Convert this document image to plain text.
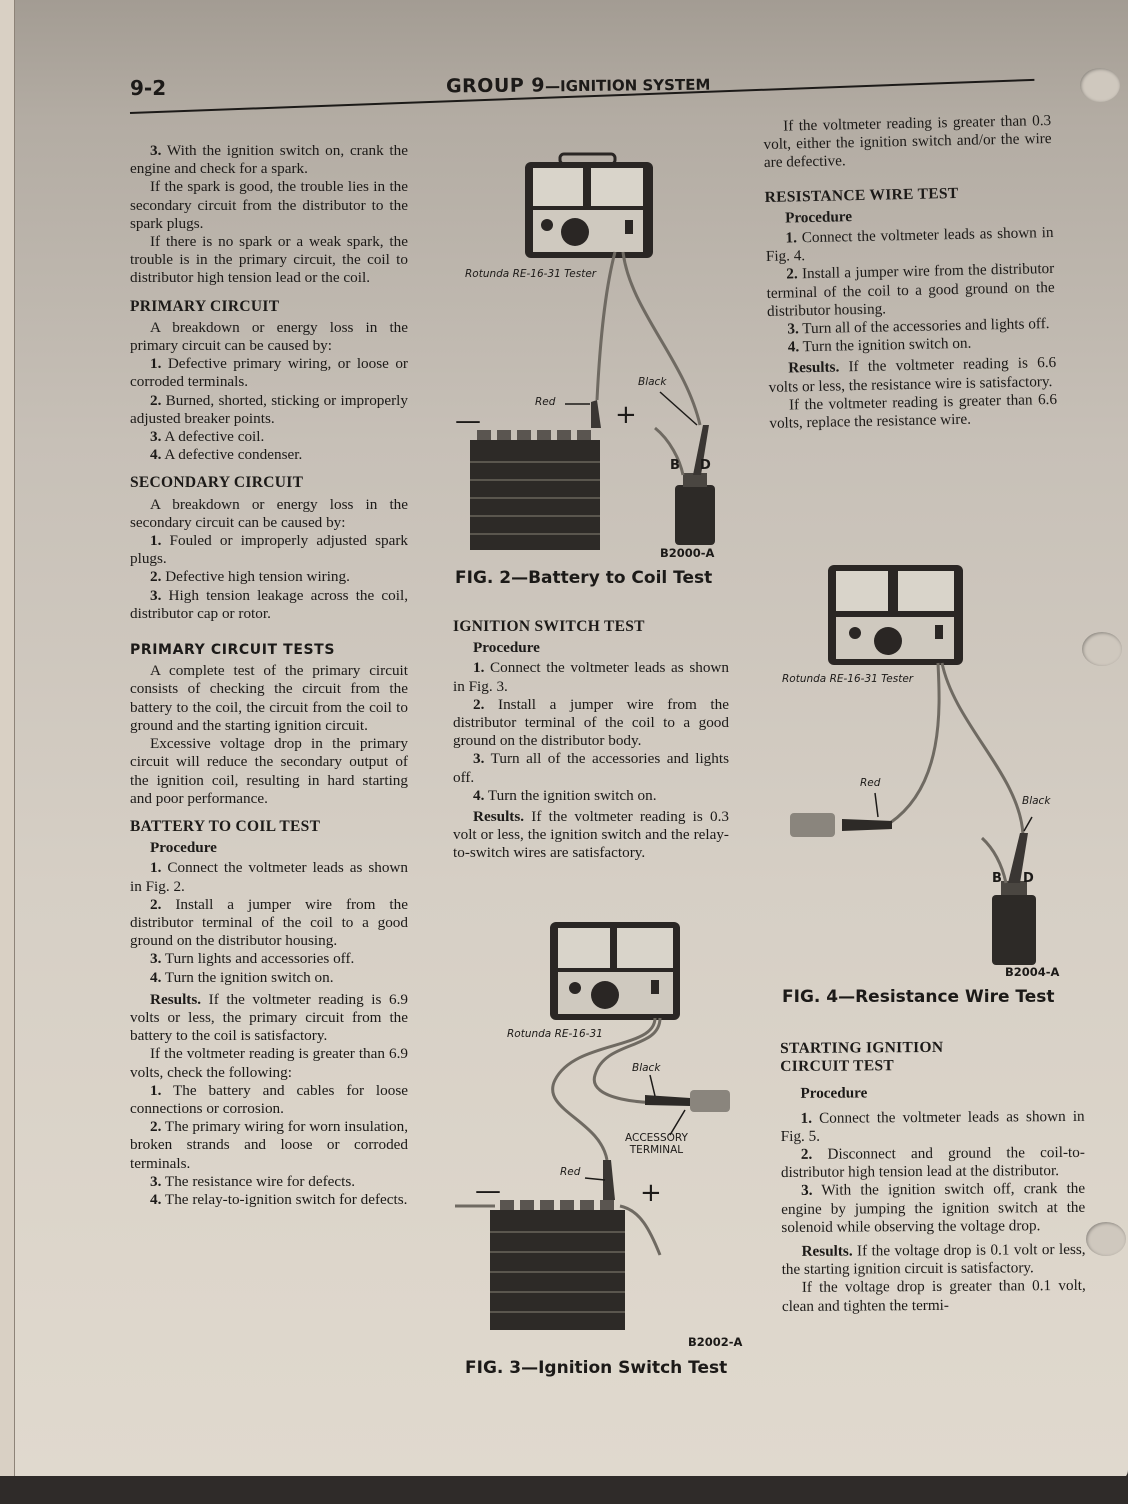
9-2	GROUP 9—IGNITION SYSTEM

3. With the ignition switch on, crank the engine and check for a spark.

If the spark is good, the trouble lies in the secondary circuit from the distributor to the spark plugs.

If there is no spark or a weak spark, the trouble is in the primary circuit, the coil to distributor high tension lead or the coil.

PRIMARY CIRCUIT

A breakdown or energy loss in the primary circuit can be caused by:

1. Defective primary wiring, or loose or corroded terminals.

2. Burned, shorted, sticking or improperly adjusted breaker points.

3. A defective coil.

4. A defective condenser.

SECONDARY CIRCUIT

A breakdown or energy loss in the secondary circuit can be caused by:

1. Fouled or improperly adjusted spark plugs.

2. Defective high tension wiring.

3. High tension leakage across the coil, distributor cap or rotor.

PRIMARY CIRCUIT TESTS

A complete test of the primary circuit consists of checking the circuit from the battery to the coil, the circuit from the coil to ground and the starting ignition circuit.

Excessive voltage drop in the primary circuit will reduce the secondary output of the ignition coil, resulting in hard starting and poor performance.

BATTERY TO COIL TEST

Procedure

1. Connect the voltmeter leads as shown in Fig. 2.

2. Install a jumper wire from the distributor terminal of the coil to a good ground on the distributor housing.

3. Turn lights and accessories off.

4. Turn the ignition switch on.

Results. If the voltmeter reading is 6.9 volts or less, the primary circuit from the battery to the coil is satisfactory.

If the voltmeter reading is greater than 6.9 volts, check the following:

1. The battery and cables for loose connections or corrosion.

2. The primary wiring for worn insulation, broken strands and loose or corroded terminals.

3. The resistance wire for defects.

4. The relay-to-ignition switch for defects.

Rotunda RE-16-31 Tester
Red
Black
—	+
B D
B2000-A
FIG. 2—Battery to Coil Test

IGNITION SWITCH TEST

Procedure

1. Connect the voltmeter leads as shown in Fig. 3.

2. Install a jumper wire from the distributor terminal of the coil to a good ground on the distributor body.

3. Turn all of the accessories and lights off.

4. Turn the ignition switch on.

Results. If the voltmeter reading is 0.3 volt or less, the ignition switch and the relay-to-switch wires are satisfactory.

Rotunda RE-16-31
Black
ACCESSORY
TERMINAL
Red
—	+
B2002-A
FIG. 3—Ignition Switch Test

If the voltmeter reading is greater than 0.3 volt, either the ignition switch and/or the wire are defective.

RESISTANCE WIRE TEST

Procedure

1. Connect the voltmeter leads as shown in Fig. 4.

2. Install a jumper wire from the distributor terminal of the coil to a good ground on the distributor housing.

3. Turn all of the accessories and lights off.

4. Turn the ignition switch on.

Results. If the voltmeter reading is 6.6 volts or less, the resistance wire is satisfactory.

If the voltmeter reading is greater than 6.6 volts, replace the resistance wire.

Rotunda RE-16-31 Tester
Red
Black
B D
B2004-A
FIG. 4—Resistance Wire Test

STARTING IGNITION

CIRCUIT TEST

Procedure

1. Connect the voltmeter leads as shown in Fig. 5.

2. Disconnect and ground the coil-to-distributor high tension lead at the distributor.

3. With the ignition switch off, crank the engine by jumping the ignition switch at the solenoid while observing the voltage drop.

Results. If the voltage drop is 0.1 volt or less, the starting ignition circuit is satisfactory.

If the voltage drop is greater than 0.1 volt, clean and tighten the termi-
